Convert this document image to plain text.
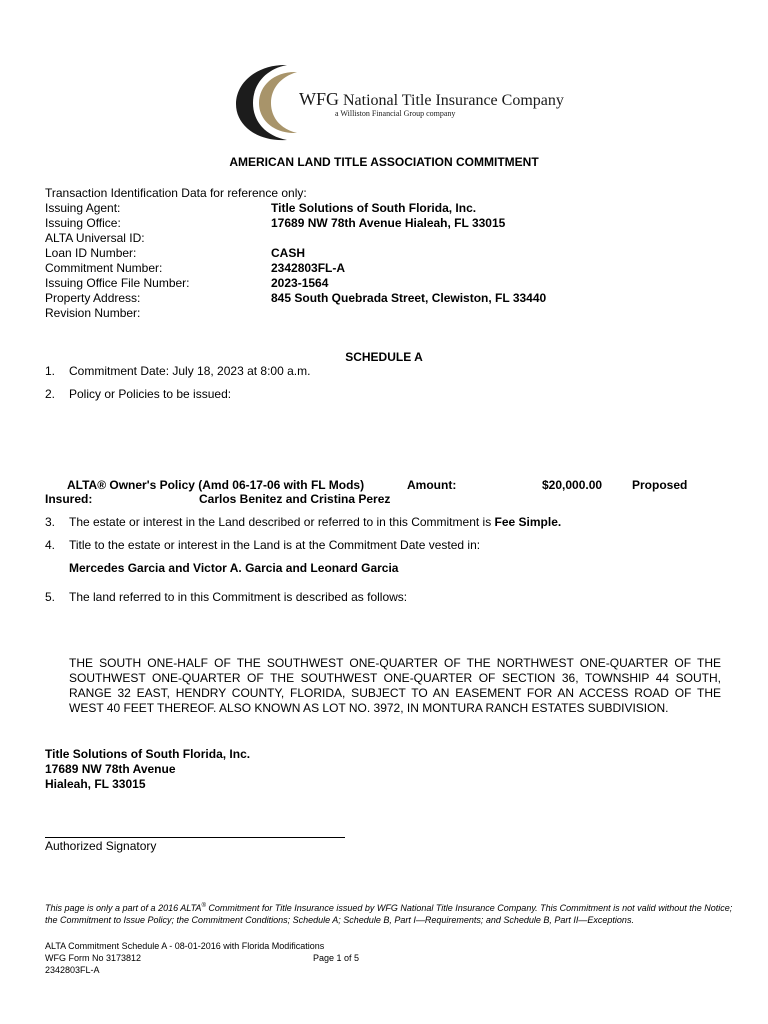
WFG National Title Insurance Company
a Williston Financial Group company
AMERICAN LAND TITLE ASSOCIATION COMMITMENT
Transaction Identification Data for reference only:
Issuing Agent:	Title Solutions of South Florida, Inc.
Issuing Office:	17689 NW 78th Avenue Hialeah, FL 33015
ALTA Universal ID:
Loan ID Number:	CASH
Commitment Number:	2342803FL-A
Issuing Office File Number:	2023-1564
Property Address:	845 South Quebrada Street, Clewiston, FL 33440
Revision Number:
SCHEDULE A
1. Commitment Date: July 18, 2023 at 8:00 a.m.
2. Policy or Policies to be issued:
ALTA® Owner's Policy (Amd 06-17-06 with FL Mods)	Amount:	$20,000.00 Proposed
Insured:	Carlos Benitez and Cristina Perez
3. The estate or interest in the Land described or referred to in this Commitment is Fee Simple.
4. Title to the estate or interest in the Land is at the Commitment Date vested in:
Mercedes Garcia and Victor A. Garcia and Leonard Garcia
5. The land referred to in this Commitment is described as follows:
THE SOUTH ONE-HALF OF THE SOUTHWEST ONE-QUARTER OF THE NORTHWEST ONE-QUARTER OF THE
SOUTHWEST ONE-QUARTER OF THE SOUTHWEST ONE-QUARTER OF SECTION 36, TOWNSHIP 44 SOUTH,
RANGE 32 EAST, HENDRY COUNTY, FLORIDA, SUBJECT TO AN EASEMENT FOR AN ACCESS ROAD OF THE
WEST 40 FEET THEREOF. ALSO KNOWN AS LOT NO. 3972, IN MONTURA RANCH ESTATES SUBDIVISION.
Title Solutions of South Florida, Inc.
17689 NW 78th Avenue
Hialeah, FL 33015
Authorized Signatory
This page is only a part of a 2016 ALTA® Commitment for Title Insurance issued by WFG National Title Insurance Company. This Commitment is not valid without the Notice; the Commitment to Issue Policy; the Commitment Conditions; Schedule A; Schedule B, Part I—Requirements; and Schedule B, Part II—Exceptions.
ALTA Commitment Schedule A - 08-01-2016 with Florida Modifications
WFG Form No 3173812	Page 1 of 5
2342803FL-A
